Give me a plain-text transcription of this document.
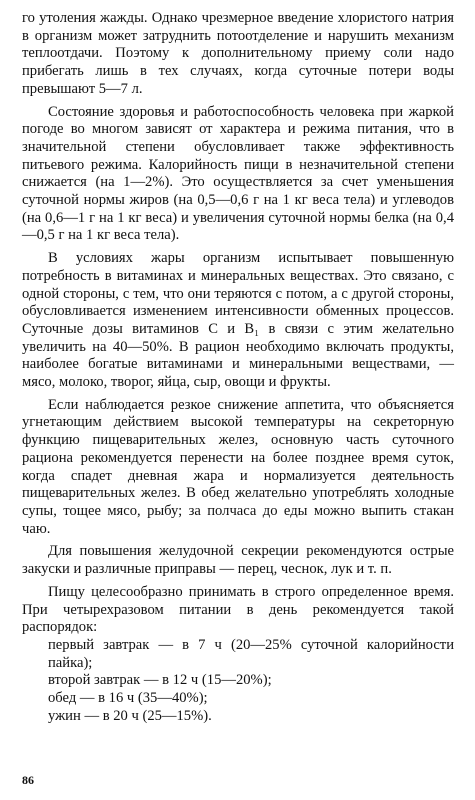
го утоления жажды. Однако чрезмерное введение хлористого натрия в организм может затруднить потоотделение и нарушить механизм теплоотдачи. Поэтому к дополнительному приему соли надо прибегать лишь в тех случаях, когда суточные потери воды превышают 5—7 л.

Состояние здоровья и работоспособность человека при жаркой погоде во многом зависят от характера и режима питания, что в значительной степени обусловливает также эффективность питьевого режима. Калорийность пищи в незначительной степени снижается (на 1—2%). Это осуществляется за счет уменьшения суточной нормы жиров (на 0,5—0,6 г на 1 кг веса тела) и углеводов (на 0,6—1 г на 1 кг веса) и увеличения суточной нормы белка (на 0,4—0,5 г на 1 кг веса тела).

В условиях жары организм испытывает повышенную потребность в витаминах и минеральных веществах. Это связано, с одной стороны, с тем, что они теряются с потом, а с другой стороны, обусловливается изменением интенсивности обменных процессов. Суточные дозы витаминов C и B₁ в связи с этим желательно увеличить на 40—50%. В рацион необходимо включать продукты, наиболее богатые витаминами и минеральными веществами, — мясо, молоко, творог, яйца, сыр, овощи и фрукты.

Если наблюдается резкое снижение аппетита, что объясняется угнетающим действием высокой температуры на секреторную функцию пищеварительных желез, основную часть суточного рациона рекомендуется перенести на более позднее время суток, когда спадет дневная жара и нормализуется деятельность пищеварительных желез. В обед желательно употреблять холодные супы, тощее мясо, рыбу; за полчаса до еды можно выпить стакан чаю.

Для повышения желудочной секреции рекомендуются острые закуски и различные приправы — перец, чеснок, лук и т. п.

Пищу целесообразно принимать в строго определенное время. При четырехразовом питании в день рекомендуется такой распорядок:

первый завтрак — в 7 ч (20—25% суточной калорийности пайка);
второй завтрак — в 12 ч (15—20%);
обед — в 16 ч (35—40%);
ужин — в 20 ч (25—15%).
86
